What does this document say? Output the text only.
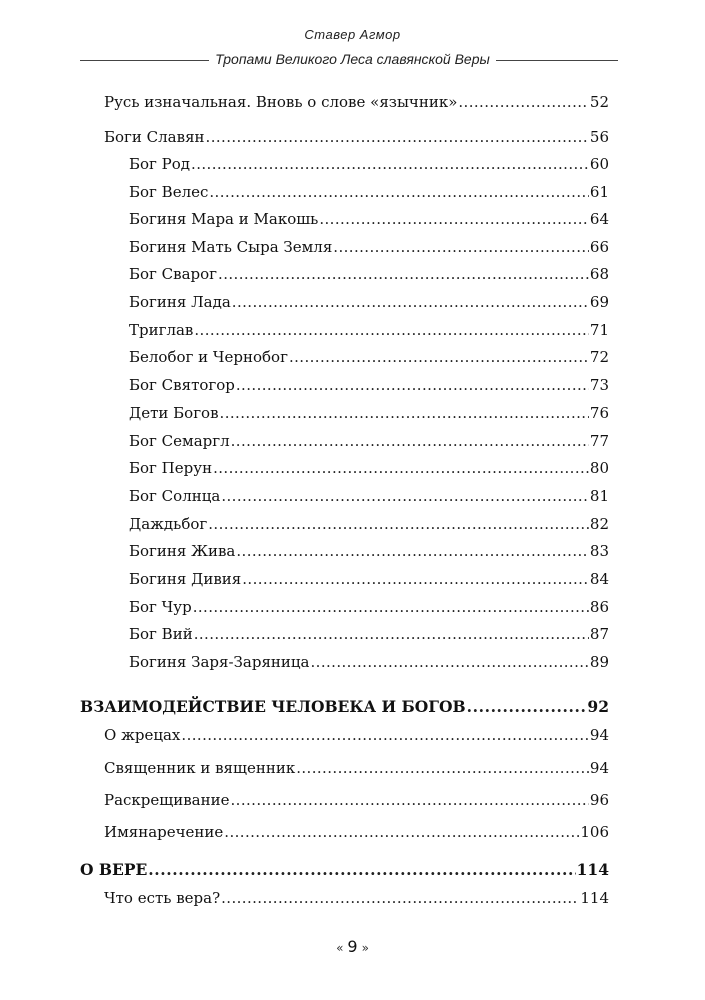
Ставер Агмор
Тропами Великого Леса славянской Веры
Русь изначальная. Вновь о слове «язычник» .....	52
Боги Славян .....	56
Бог Род .....	60
Бог Велес .....	61
Богиня Мара и Макошь .....	64
Богиня Мать Сыра Земля .....	66
Бог Сварог .....	68
Богиня Лада .....	69
Триглав .....	71
Белобог и Чернобог .....	72
Бог Святогор .....	73
Дети Богов .....	76
Бог Семаргл .....	77
Бог Перун .....	80
Бог Солнца .....	81
Даждьбог .....	82
Богиня Жива .....	83
Богиня Дивия .....	84
Бог Чур .....	86
Бог Вий .....	87
Богиня Заря-Заряница .....	89
ВЗАИМОДЕЙСТВИЕ ЧЕЛОВЕКА И БОГОВ .....	92
О жрецах .....	94
Священник и вященник .....	94
Раскрещивание .....	96
Имянаречение .....	106
О ВЕРЕ .....	114
Что есть вера? .....	114
« 9 »
